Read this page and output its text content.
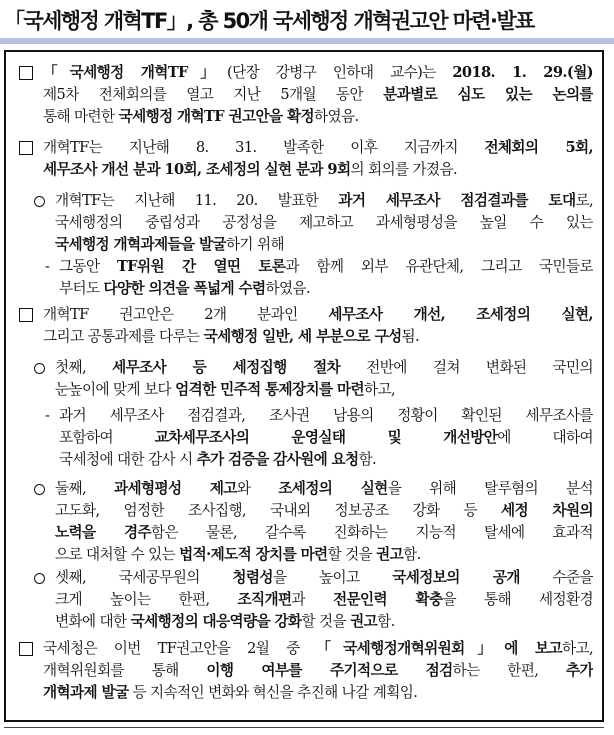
「국세행정 개혁TF」, 총 50개 국세행정 개혁권고안 마련·발표
「국세행정 개혁TF」(단장 강병구 인하대 교수)는 2018. 1. 29.(월)
제5차 전체회의를 열고 지난 5개월 동안 분과별로 심도 있는 논의를
통해 마련한 국세행정 개혁TF 권고안을 확정하였음.
개혁TF는 지난해 8. 31. 발족한 이후 지금까지 전체회의 5회,
세무조사 개선 분과 10회, 조세정의 실현 분과 9회의 회의를 가졌음.
개혁TF는 지난해 11. 20. 발표한 과거 세무조사 점검결과를 토대로,
국세행정의 중립성과 공정성을 제고하고 과세형평성을 높일 수 있는
국세행정 개혁과제들을 발굴하기 위해
- 그동안 TF위원 간 열띤 토론과 함께 외부 유관단체, 그리고 국민들로
부터도 다양한 의견을 폭넓게 수렴하였음.
개혁TF 권고안은 2개 분과인 세무조사 개선, 조세정의 실현,
그리고 공통과제를 다루는 국세행정 일반, 세 부분으로 구성됨.
첫째, 세무조사 등 세정집행 절차 전반에 걸쳐 변화된 국민의
눈높이에 맞게 보다 엄격한 민주적 통제장치를 마련하고,
- 과거 세무조사 점검결과, 조사권 남용의 정황이 확인된 세무조사를
포함하여 교차세무조사의 운영실태 및 개선방안에 대하여
국세청에 대한 감사 시 추가 검증을 감사원에 요청함.
둘째, 과세형평성 제고와 조세정의 실현을 위해 탈루혐의 분석
고도화, 엄정한 조사집행, 국내외 정보공조 강화 등 세정 차원의
노력을 경주함은 물론, 갈수록 진화하는 지능적 탈세에 효과적
으로 대처할 수 있는 법적·제도적 장치를 마련할 것을 권고함.
셋째, 국세공무원의 청렴성을 높이고 국세정보의 공개 수준을
크게 높이는 한편, 조직개편과 전문인력 확충을 통해 세정환경
변화에 대한 국세행정의 대응역량을 강화할 것을 권고함.
국세청은 이번 TF권고안을 2월 중 「국세행정개혁위원회」에 보고하고,
개혁위원회를 통해 이행 여부를 주기적으로 점검하는 한편, 추가
개혁과제 발굴 등 지속적인 변화와 혁신을 추진해 나갈 계획임.
